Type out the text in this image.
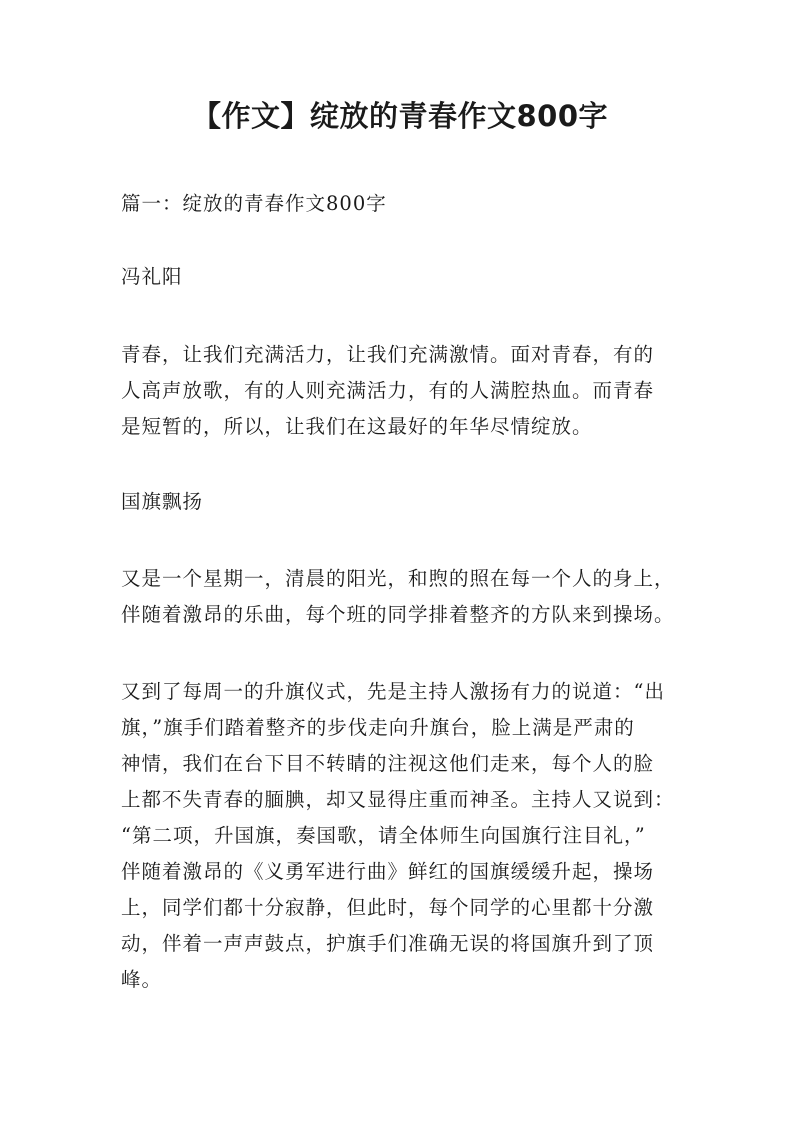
【作文】绽放的青春作文800字

篇一：绽放的青春作文800字

冯礼阳

青春，让我们充满活力，让我们充满激情。面对青春，有的
人高声放歌，有的人则充满活力，有的人满腔热血。而青春
是短暂的，所以，让我们在这最好的年华尽情绽放。

国旗飘扬

又是一个星期一，清晨的阳光，和煦的照在每一个人的身上，
伴随着激昂的乐曲，每个班的同学排着整齐的方队来到操场。

又到了每周一的升旗仪式，先是主持人激扬有力的说道：“出
旗，”旗手们踏着整齐的步伐走向升旗台，脸上满是严肃的
神情，我们在台下目不转睛的注视这他们走来，每个人的脸
上都不失青春的腼腆，却又显得庄重而神圣。主持人又说到：
“第二项，升国旗，奏国歌，请全体师生向国旗行注目礼，”
伴随着激昂的《义勇军进行曲》鲜红的国旗缓缓升起，操场
上，同学们都十分寂静，但此时，每个同学的心里都十分激
动，伴着一声声鼓点，护旗手们准确无误的将国旗升到了顶
峰。
